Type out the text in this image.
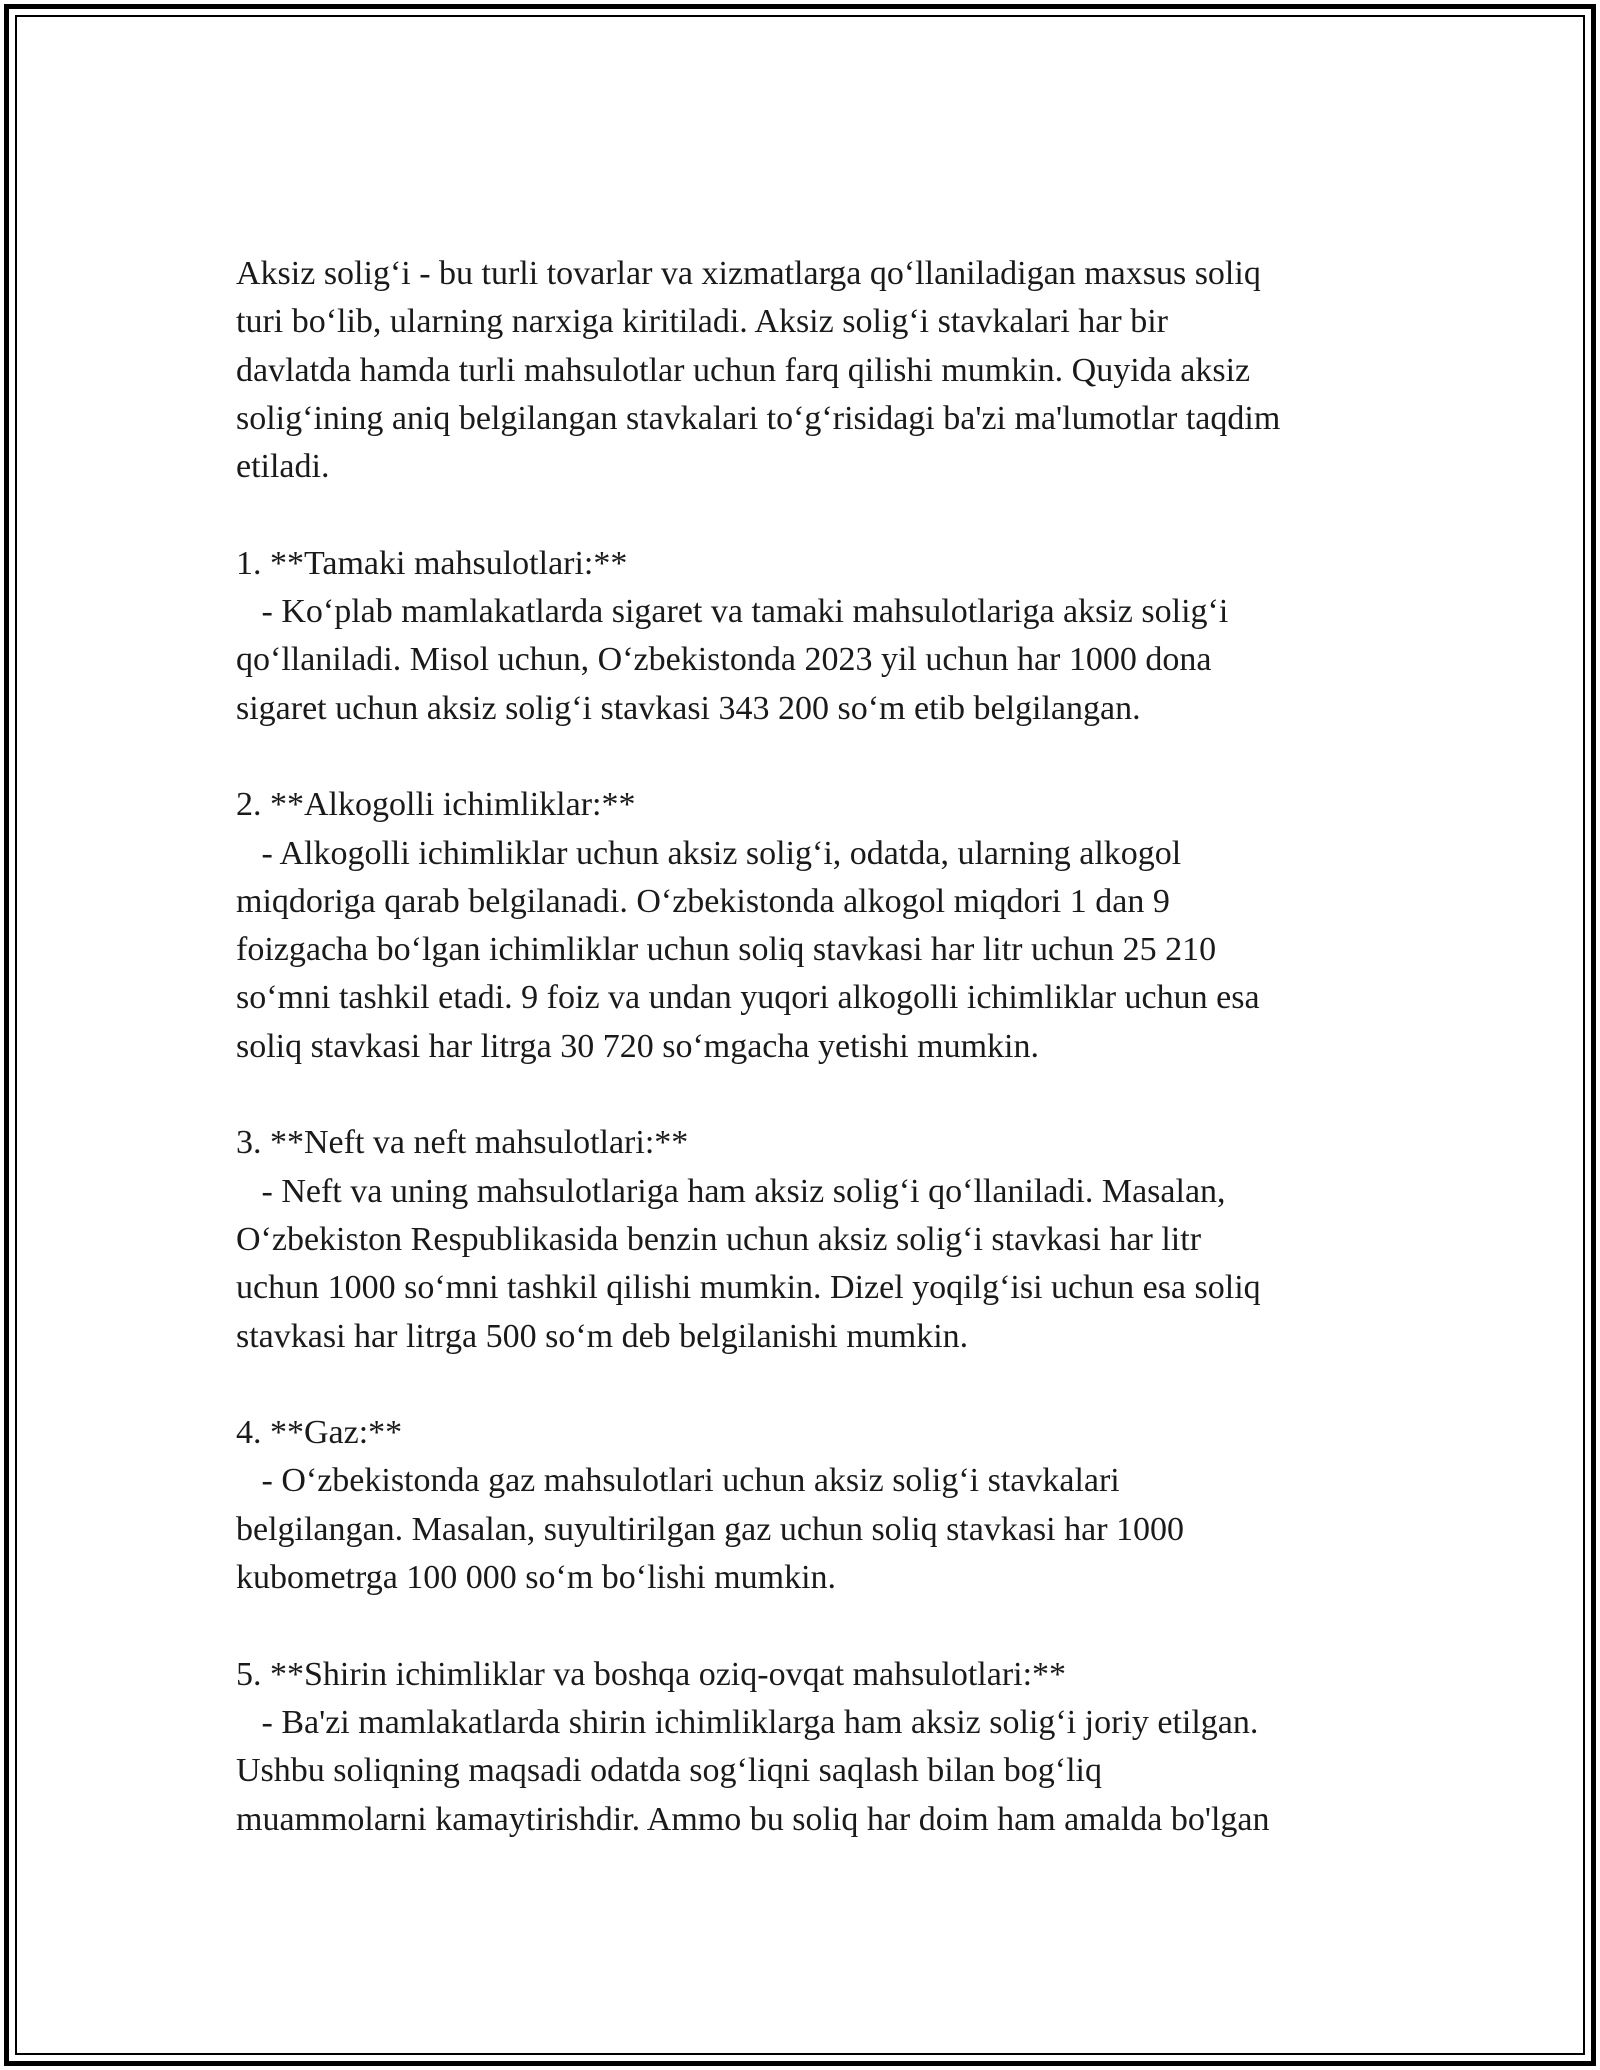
Aksiz solig‘i - bu turli tovarlar va xizmatlarga qo‘llaniladigan maxsus soliq
turi bo‘lib, ularning narxiga kiritiladi. Aksiz solig‘i stavkalari har bir
davlatda hamda turli mahsulotlar uchun farq qilishi mumkin. Quyida aksiz
solig‘ining aniq belgilangan stavkalari to‘g‘risidagi ba'zi ma'lumotlar taqdim
etiladi.

1. **Tamaki mahsulotlari:**
- Ko‘plab mamlakatlarda sigaret va tamaki mahsulotlariga aksiz solig‘i
qo‘llaniladi. Misol uchun, O‘zbekistonda 2023 yil uchun har 1000 dona
sigaret uchun aksiz solig‘i stavkasi 343 200 so‘m etib belgilangan.
2. **Alkogolli ichimliklar:**
- Alkogolli ichimliklar uchun aksiz solig‘i, odatda, ularning alkogol
miqdoriga qarab belgilanadi. O‘zbekistonda alkogol miqdori 1 dan 9
foizgacha bo‘lgan ichimliklar uchun soliq stavkasi har litr uchun 25 210
so‘mni tashkil etadi. 9 foiz va undan yuqori alkogolli ichimliklar uchun esa
soliq stavkasi har litrga 30 720 so‘mgacha yetishi mumkin.
3. **Neft va neft mahsulotlari:**
- Neft va uning mahsulotlariga ham aksiz solig‘i qo‘llaniladi. Masalan,
O‘zbekiston Respublikasida benzin uchun aksiz solig‘i stavkasi har litr
uchun 1000 so‘mni tashkil qilishi mumkin. Dizel yoqilg‘isi uchun esa soliq
stavkasi har litrga 500 so‘m deb belgilanishi mumkin.
4. **Gaz:**
- O‘zbekistonda gaz mahsulotlari uchun aksiz solig‘i stavkalari
belgilangan. Masalan, suyultirilgan gaz uchun soliq stavkasi har 1000
kubometrga 100 000 so‘m bo‘lishi mumkin.
5. **Shirin ichimliklar va boshqa oziq-ovqat mahsulotlari:**
- Ba'zi mamlakatlarda shirin ichimliklarga ham aksiz solig‘i joriy etilgan.
Ushbu soliqning maqsadi odatda sog‘liqni saqlash bilan bog‘liq
muammolarni kamaytirishdir. Ammo bu soliq har doim ham amalda bo'lgan
